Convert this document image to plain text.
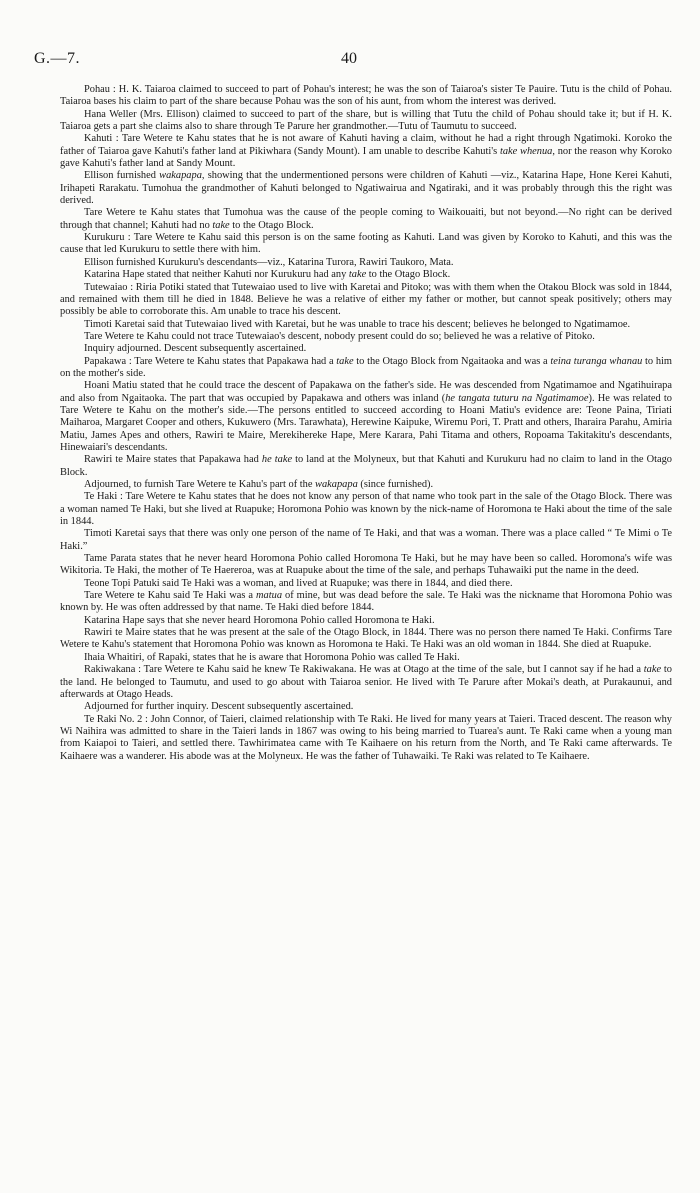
G.—7.	40

Pohau : H. K. Taiaroa claimed to succeed to part of Pohau's interest; he was the son of Taiaroa's sister Te Pauire. Tutu is the child of Pohau. Taiaroa bases his claim to part of the share because Pohau was the son of his aunt, from whom the interest was derived.

Hana Weller (Mrs. Ellison) claimed to succeed to part of the share, but is willing that Tutu the child of Pohau should take it; but if H. K. Taiaroa gets a part she claims also to share through Te Parure her grandmother.—Tutu of Taumutu to succeed.

Kahuti : Tare Wetere te Kahu states that he is not aware of Kahuti having a claim, without he had a right through Ngatimoki. Koroko the father of Taiaroa gave Kahuti's father land at Pikiwhara (Sandy Mount). I am unable to describe Kahuti's take whenua, nor the reason why Koroko gave Kahuti's father land at Sandy Mount.

Ellison furnished wakapapa, showing that the undermentioned persons were children of Kahuti —viz., Katarina Hape, Hone Kerei Kahuti, Irihapeti Rarakatu. Tumohua the grandmother of Kahuti belonged to Ngatiwairua and Ngatiraki, and it was probably through this the right was derived.

Tare Wetere te Kahu states that Tumohua was the cause of the people coming to Waikouaiti, but not beyond.—No right can be derived through that channel; Kahuti had no take to the Otago Block.

Kurukuru : Tare Wetere te Kahu said this person is on the same footing as Kahuti. Land was given by Koroko to Kahuti, and this was the cause that led Kurukuru to settle there with him.

Ellison furnished Kurukuru's descendants—viz., Katarina Turora, Rawiri Taukoro, Mata.

Katarina Hape stated that neither Kahuti nor Kurukuru had any take to the Otago Block.

Tutewaiao : Riria Potiki stated that Tutewaiao used to live with Karetai and Pitoko; was with them when the Otakou Block was sold in 1844, and remained with them till he died in 1848. Believe he was a relative of either my father or mother, but cannot speak positively; others may possibly be able to corroborate this. Am unable to trace his descent.

Timoti Karetai said that Tutewaiao lived with Karetai, but he was unable to trace his descent; believes he belonged to Ngatimamoe.

Tare Wetere te Kahu could not trace Tutewaiao's descent, nobody present could do so; believed he was a relative of Pitoko.

Inquiry adjourned. Descent subsequently ascertained.

Papakawa : Tare Wetere te Kahu states that Papakawa had a take to the Otago Block from Ngaitaoka and was a teina turanga whanau to him on the mother's side.

Hoani Matiu stated that he could trace the descent of Papakawa on the father's side. He was descended from Ngatimamoe and Ngatihuirapa and also from Ngaitaoka. The part that was occupied by Papakawa and others was inland (he tangata tuturu na Ngatimamoe). He was related to Tare Wetere te Kahu on the mother's side.—The persons entitled to succeed according to Hoani Matiu's evidence are: Teone Paina, Tiriati Maiharoa, Margaret Cooper and others, Kukuwero (Mrs. Tarawhata), Herewine Kaipuke, Wiremu Pori, T. Pratt and others, Iharaira Parahu, Amiria Matiu, James Apes and others, Rawiri te Maire, Merekihereke Hape, Mere Karara, Pahi Titama and others, Ropoama Takitakitu's descendants, Hinewaiari's descendants.

Rawiri te Maire states that Papakawa had he take to land at the Molyneux, but that Kahuti and Kurukuru had no claim to land in the Otago Block.

Adjourned, to furnish Tare Wetere te Kahu's part of the wakapapa (since furnished).

Te Haki : Tare Wetere te Kahu states that he does not know any person of that name who took part in the sale of the Otago Block. There was a woman named Te Haki, but she lived at Ruapuke; Horomona Pohio was known by the nick-name of Horomona te Haki about the time of the sale in 1844.

Timoti Karetai says that there was only one person of the name of Te Haki, and that was a woman. There was a place called “ Te Mimi o Te Haki.”

Tame Parata states that he never heard Horomona Pohio called Horomona Te Haki, but he may have been so called. Horomona's wife was Wikitoria. Te Haki, the mother of Te Haererоa, was at Ruapuke about the time of the sale, and perhaps Tuhawaiki put the name in the deed.

Teone Topi Patuki said Te Haki was a woman, and lived at Ruapuke; was there in 1844, and died there.

Tare Wetere te Kahu said Te Haki was a matua of mine, but was dead before the sale. Te Haki was the nickname that Horomona Pohio was known by. He was often addressed by that name. Te Haki died before 1844.

Katarina Hape says that she never heard Horomona Pohio called Horomona te Haki.

Rawiri te Maire states that he was present at the sale of the Otago Block, in 1844. There was no person there named Te Haki. Confirms Tare Wetere te Kahu's statement that Horomona Pohio was known as Horomona te Haki. Te Haki was an old woman in 1844. She died at Ruapuke.

Ihaia Whaitiri, of Rapaki, states that he is aware that Horomona Pohio was called Te Haki.

Rakiwakana : Tare Wetere te Kahu said he knew Te Rakiwakana. He was at Otago at the time of the sale, but I cannot say if he had a take to the land. He belonged to Taumutu, and used to go about with Taiaroa senior. He lived with Te Parure after Mokai's death, at Purakaunui, and afterwards at Otago Heads.

Adjourned for further inquiry. Descent subsequently ascertained.

Te Raki No. 2 : John Connor, of Taieri, claimed relationship with Te Raki. He lived for many years at Taieri. Traced descent. The reason why Wi Naihira was admitted to share in the Taieri lands in 1867 was owing to his being married to Tuarea's aunt. Te Raki came when a young man from Kaiapoi to Taieri, and settled there. Tawhirimatea came with Te Kaihaere on his return from the North, and Te Raki came afterwards. Te Kaihaere was a wanderer. His abode was at the Molyneux. He was the father of Tuhawaiki. Te Raki was related to Te Kaihaere.
